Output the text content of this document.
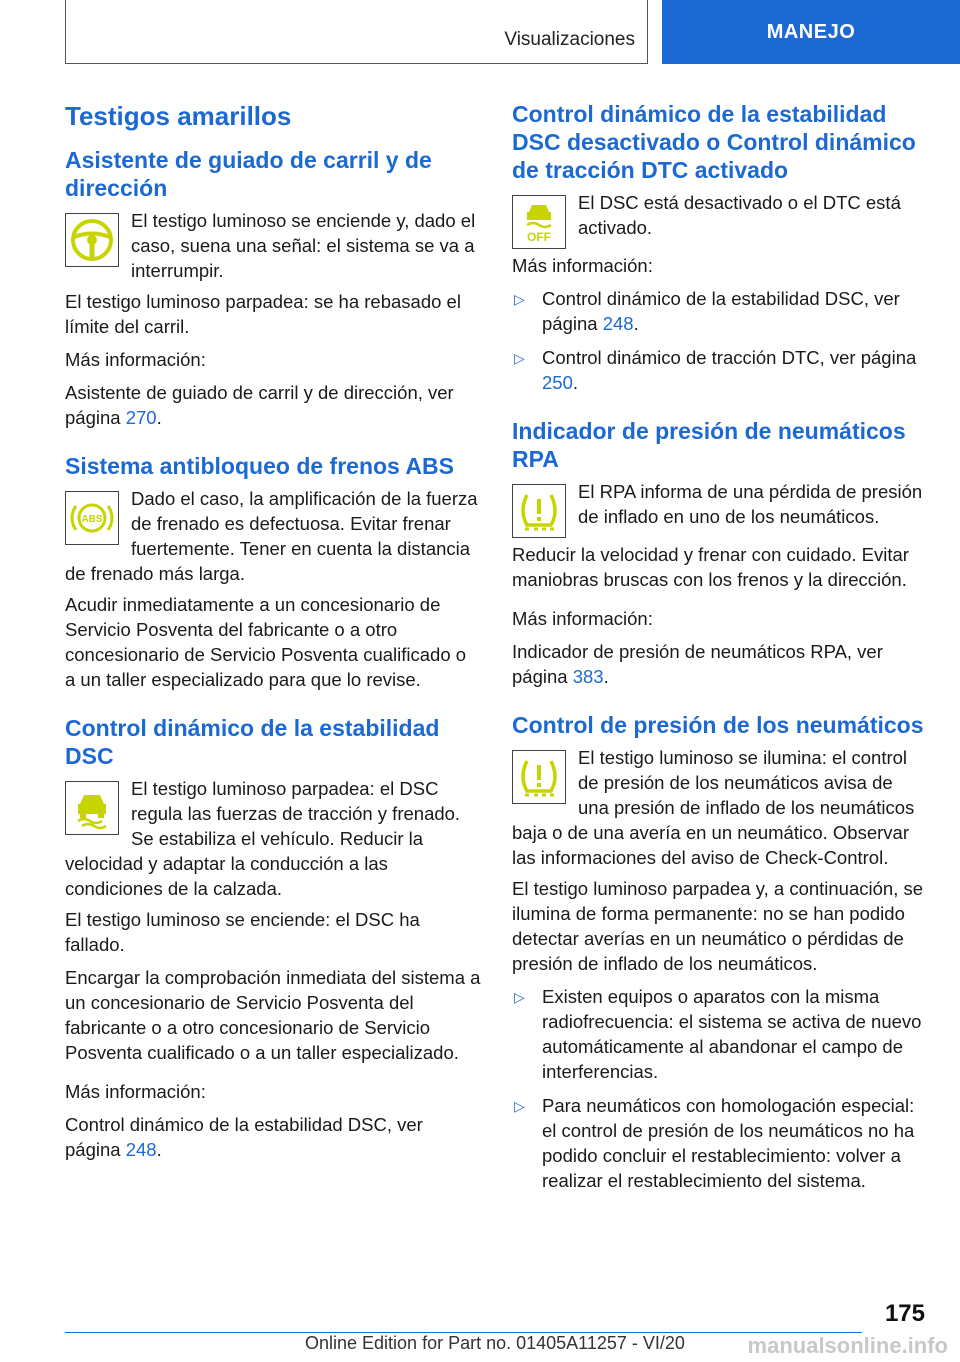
Visualizaciones	MANEJO
Testigos amarillos
Asistente de guiado de carril y de dirección

El testigo luminoso se enciende y, dado el caso, suena una señal: el sistema se va a interrumpir.

El testigo luminoso parpadea: se ha rebasado el límite del carril.

Más información:

Asistente de guiado de carril y de dirección, ver página 270.

Sistema antibloqueo de frenos ABS
ABS

Dado el caso, la amplificación de la fuerza de frenado es defectuosa. Evitar frenar fuertemente. Tener en cuenta la distancia de frenado más larga.

Acudir inmediatamente a un concesionario de Servicio Posventa del fabricante o a otro concesionario de Servicio Posventa cualificado o a un taller especializado para que lo revise.

Control dinámico de la estabilidad DSC

El testigo luminoso parpadea: el DSC regula las fuerzas de tracción y frenado. Se estabiliza el vehículo. Reducir la velocidad y adaptar la conducción a las condiciones de la calzada.

El testigo luminoso se enciende: el DSC ha fallado.

Encargar la comprobación inmediata del sistema a un concesionario de Servicio Posventa del fabricante o a otro concesionario de Servicio Posventa cualificado o a un taller especializado.

Más información:

Control dinámico de la estabilidad DSC, ver página 248.

Control dinámico de la estabilidad DSC desactivado o Control dinámico de tracción DTC activado
OFF

El DSC está desactivado o el DTC está activado.

Más información:

▷ Control dinámico de la estabilidad DSC, ver página 248.
▷ Control dinámico de tracción DTC, ver página 250.
Indicador de presión de neumáticos RPA

El RPA informa de una pérdida de presión de inflado en uno de los neumáticos.

Reducir la velocidad y frenar con cuidado. Evitar maniobras bruscas con los frenos y la dirección.

Más información:

Indicador de presión de neumáticos RPA, ver página 383.

Control de presión de los neumáticos

El testigo luminoso se ilumina: el control de presión de los neumáticos avisa de una presión de inflado de los neumáticos baja o de una avería en un neumático. Observar las informaciones del aviso de Check-Control.

El testigo luminoso parpadea y, a continuación, se ilumina de forma permanente: no se han podido detectar averías en un neumático o pérdidas de presión de inflado de los neumáticos.

▷ Existen equipos o aparatos con la misma radiofrecuencia: el sistema se activa de nuevo automáticamente al abandonar el campo de interferencias.
▷ Para neumáticos con homologación especial: el control de presión de los neumáticos no ha podido concluir el restablecimiento: volver a realizar el restablecimiento del sistema.
175
Online Edition for Part no. 01405A11257 - VI/20	manualsonline.info
